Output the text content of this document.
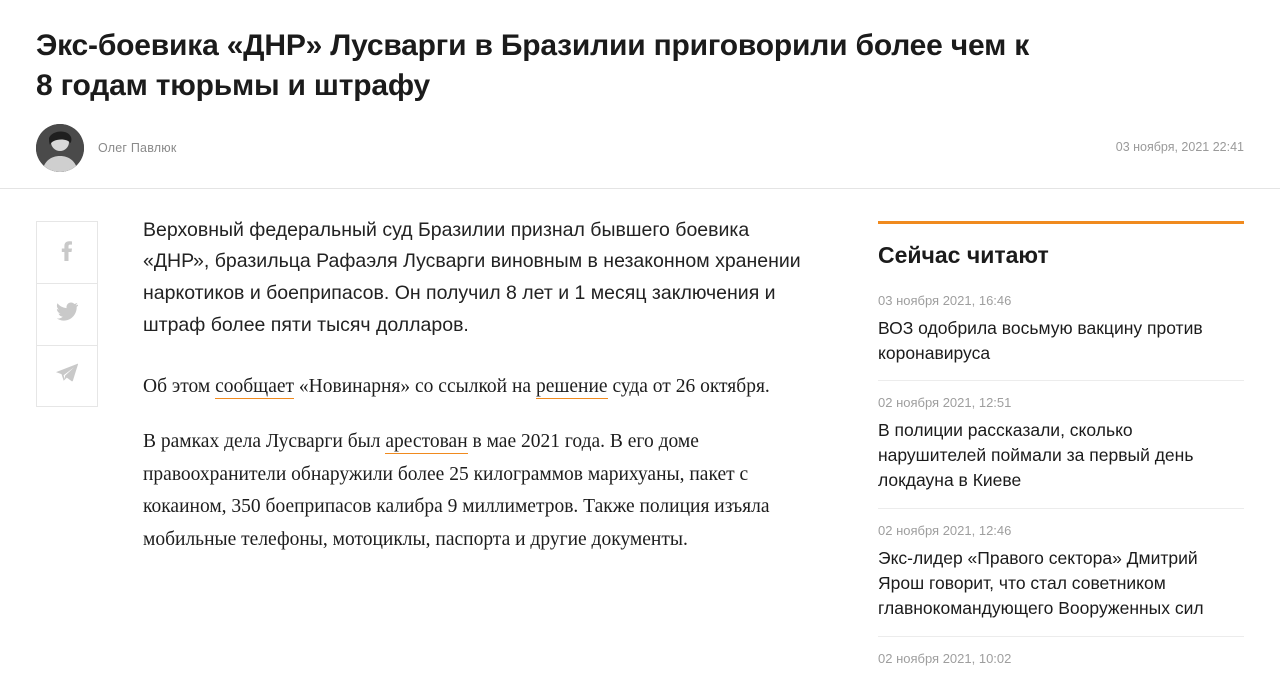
Экс-боевика «ДНР» Лусварги в Бразилии приговорили более чем к 8 годам тюрьмы и штрафу
Олег Павлюк	03 ноября, 2021 22:41

Верховный федеральный суд Бразилии признал бывшего боевика «ДНР», бразильца Рафаэля Лусварги виновным в незаконном хранении наркотиков и боеприпасов. Он получил 8 лет и 1 месяц заключения и штраф более пяти тысяч долларов.

Об этом сообщает «Новинарня» со ссылкой на решение суда от 26 октября.

В рамках дела Лусварги был арестован в мае 2021 года. В его доме правоохранители обнаружили более 25 килограммов марихуаны, пакет с кокаином, 350 боеприпасов калибра 9 миллиметров. Также полиция изъяла мобильные телефоны, мотоциклы, паспорта и другие документы.

Сейчас читают
03 ноября 2021, 16:46
ВОЗ одобрила восьмую вакцину против коронавируса
02 ноября 2021, 12:51
В полиции рассказали, сколько нарушителей поймали за первый день локдауна в Киеве
02 ноября 2021, 12:46
Экс-лидер «Правого сектора» Дмитрий Ярош говорит, что стал советником главнокомандующего Вооруженных сил
02 ноября 2021, 10:02
